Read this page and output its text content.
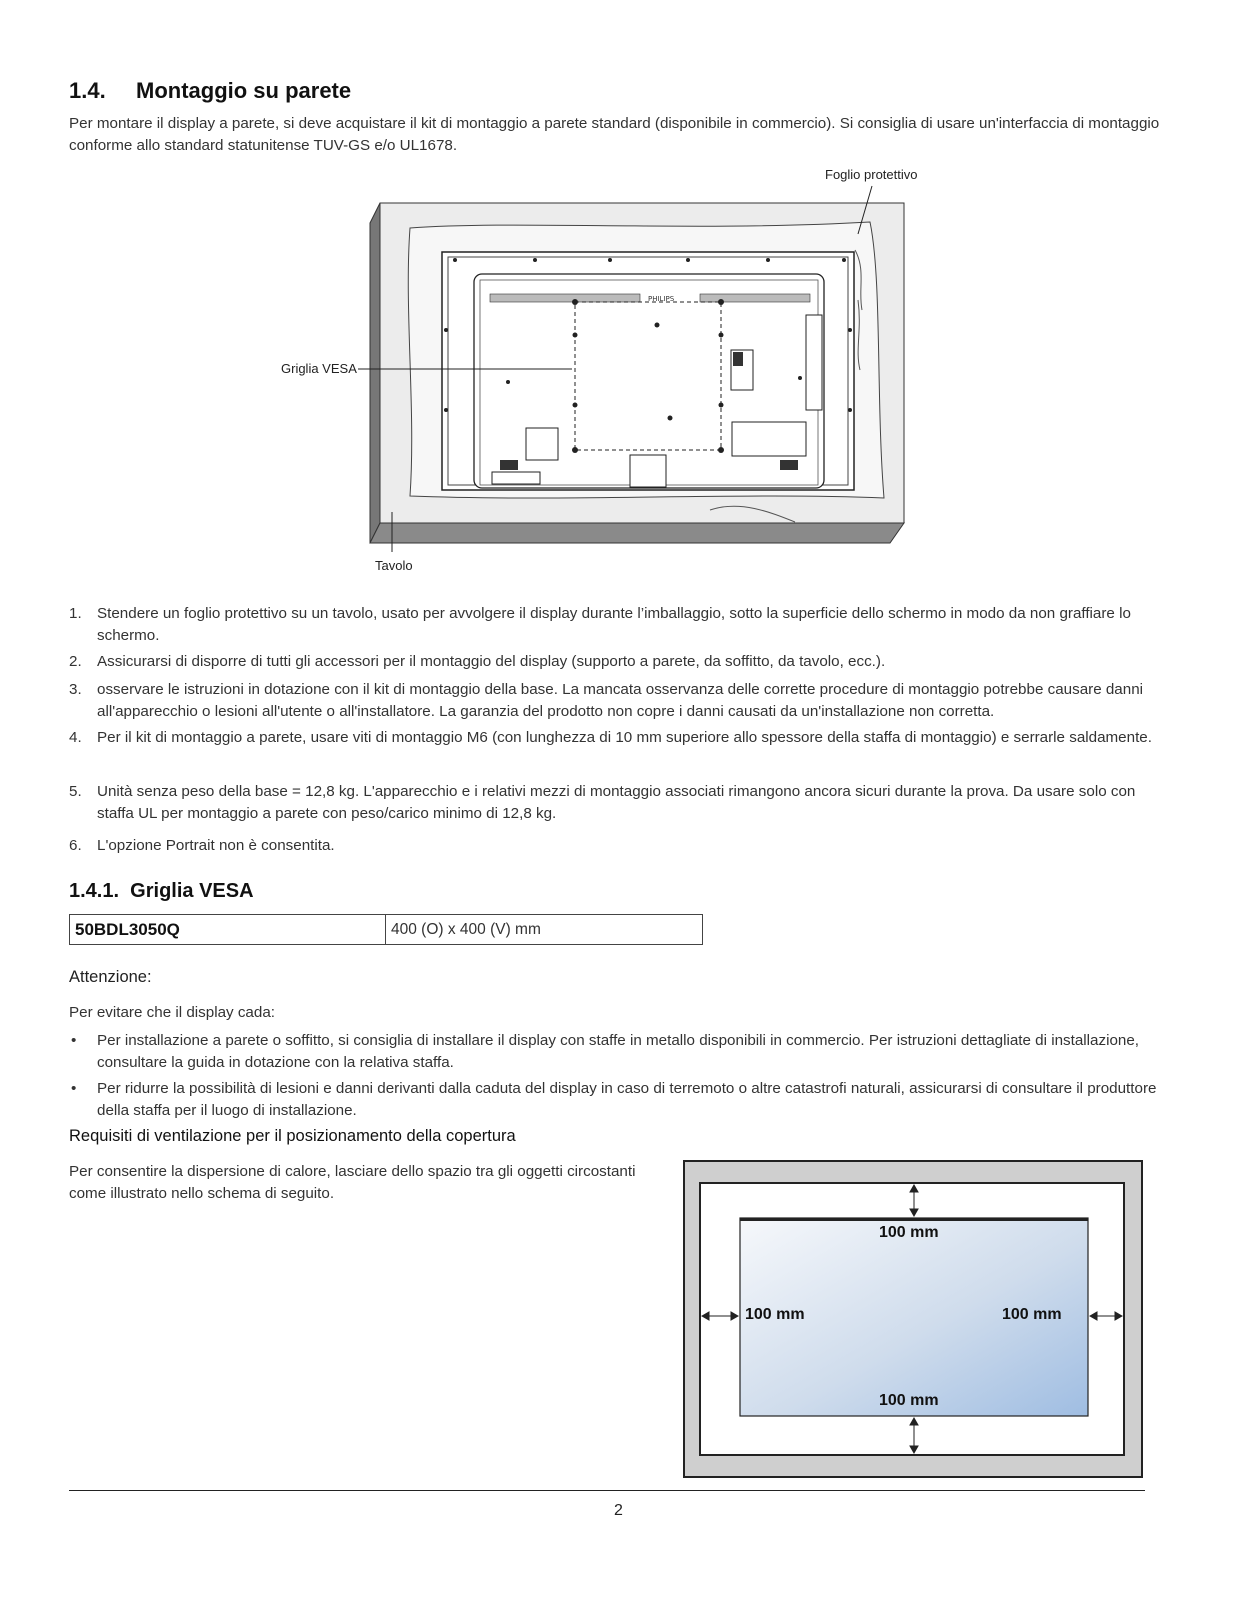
1.4. Montaggio su parete

Per montare il display a parete, si deve acquistare il kit di montaggio a parete standard (disponibile in commercio). Si consiglia di usare un'interfaccia di montaggio conforme allo standard statunitense TUV-GS e/o UL1678.

PHILIPS
Foglio protettivo
Griglia VESA
Tavolo
1. Stendere un foglio protettivo su un tavolo, usato per avvolgere il display durante l’imballaggio, sotto la superficie dello schermo in modo da non graffiare lo schermo.
2. Assicurarsi di disporre di tutti gli accessori per il montaggio del display (supporto a parete, da soffitto, da tavolo, ecc.).
3. osservare le istruzioni in dotazione con il kit di montaggio della base. La mancata osservanza delle corrette procedure di montaggio potrebbe causare danni all'apparecchio o lesioni all'utente o all'installatore. La garanzia del prodotto non copre i danni causati da un'installazione non corretta.
4. Per il kit di montaggio a parete, usare viti di montaggio M6 (con lunghezza di 10 mm superiore allo spessore della staffa di montaggio) e serrarle saldamente.
5. Unità senza peso della base = 12,8 kg. L'apparecchio e i relativi mezzi di montaggio associati rimangono ancora sicuri durante la prova. Da usare solo con staffa UL per montaggio a parete con peso/carico minimo di 12,8 kg.
6. L'opzione Portrait non è consentita.
1.4.1. Griglia VESA
50BDL3050Q	400 (O) x 400 (V) mm

Attenzione:

Per evitare che il display cada:

• Per installazione a parete o soffitto, si consiglia di installare il display con staffe in metallo disponibili in commercio. Per istruzioni dettagliate di installazione, consultare la guida in dotazione con la relativa staffa.
• Per ridurre la possibilità di lesioni e danni derivanti dalla caduta del display in caso di terremoto o altre catastrofi naturali, assicurarsi di consultare il produttore della staffa per il luogo di installazione.

Requisiti di ventilazione per il posizionamento della copertura

Per consentire la dispersione di calore, lasciare dello spazio tra gli oggetti circostanti come illustrato nello schema di seguito.

100 mm
100 mm	100 mm
100 mm
2
